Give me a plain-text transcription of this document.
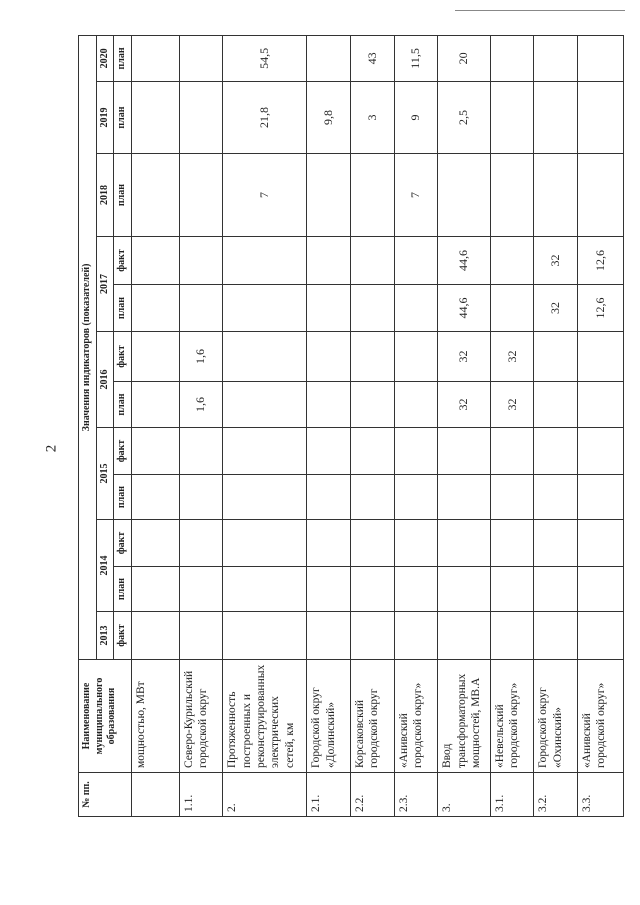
2
№ пп.	Наименование муниципального образования	Значения индикаторов (показателей)											
		2013	2014		2015		2016		2017		2018	2019	2020
		факт	план	факт	план	факт	план	факт	план	факт	план	план	план
	мощностью, МВт												
1.1.	Северо-Курильский городской округ						1,6	1,6					
2.	Протяженность построенных и реконструированных электрических сетей, км										7	21,8	54,5
2.1.	Городской округ «Долинский»											9,8	
2.2.	Корсаковский городской округ											3	43
2.3.	«Анивский городской округ»										7	9	11,5
3.	Ввод трансформаторных мощностей, МВ.А						32	32	44,6	44,6		2,5	20
3.1.	«Невельский городской округ»						32	32					
3.2.	Городской округ «Охинский»								32	32			
3.3.	«Анивский городской округ»								12,6	12,6			
